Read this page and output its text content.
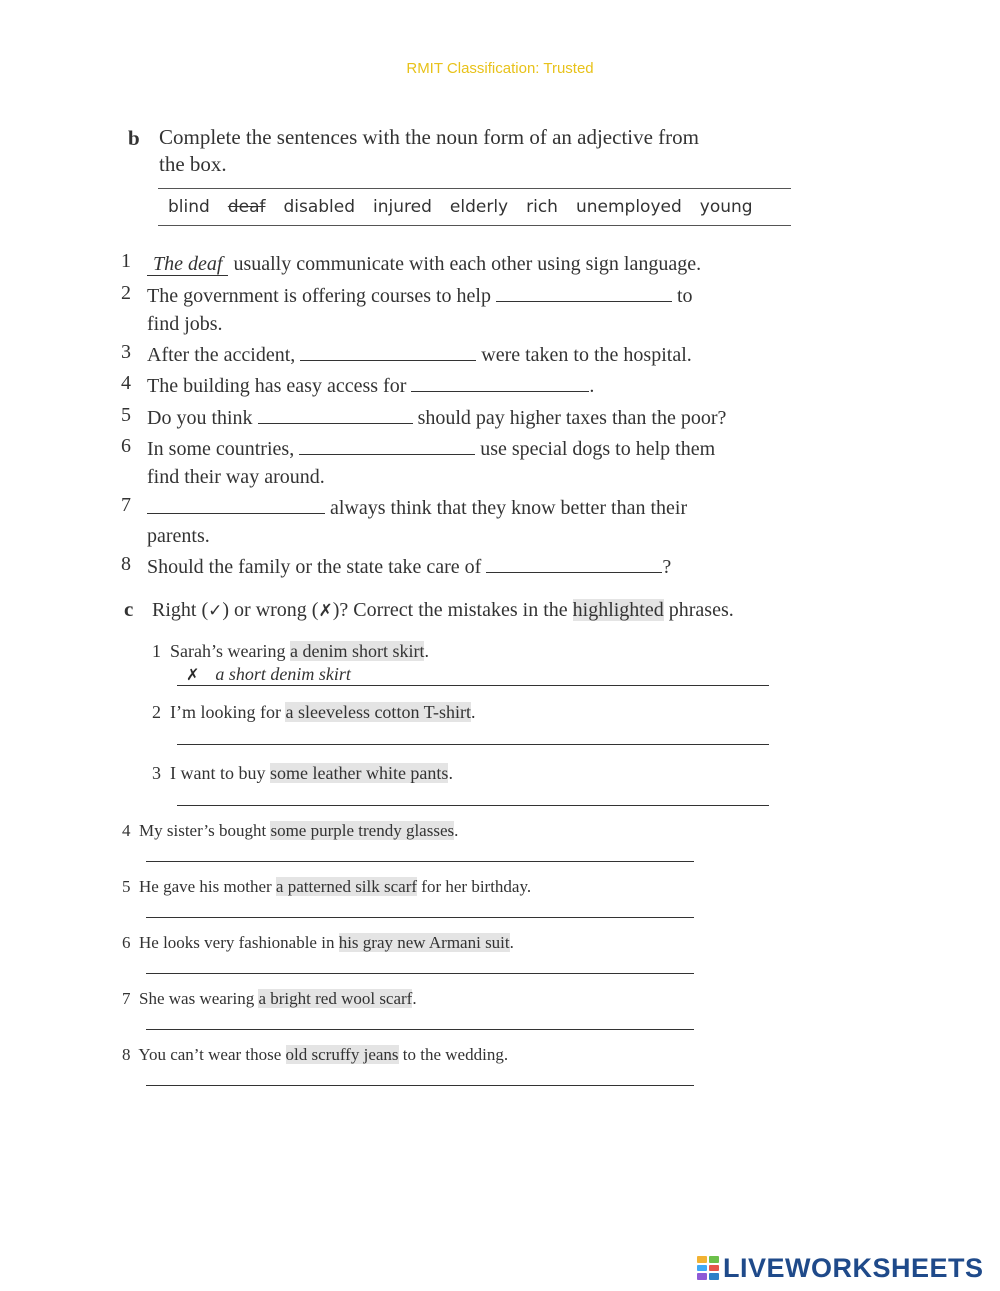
RMIT Classification: Trusted
b Complete the sentences with the noun form of an adjective from
the box.
blind deaf disabled injured elderly rich unemployed young
1	The deaf usually communicate with each other using sign language.
2 The government is offering courses to help	to
find jobs.
3 After the accident,	were taken to the hospital.
4 The building has easy access for	.
5 Do you think	should pay higher taxes than the poor?
6 In some countries,	use special dogs to help them
find their way around.
7	always think that they know better than their
parents.
8 Should the family or the state take care of	?
c Right (✓) or wrong (✗)? Correct the mistakes in the highlighted phrases.
1 Sarah’s wearing a denim short skirt.
✗ a short denim skirt
2 I’m looking for a sleeveless cotton T-shirt.
3 I want to buy some leather white pants.
4 My sister’s bought some purple trendy glasses.
5 He gave his mother a patterned silk scarf for her birthday.
6 He looks very fashionable in his gray new Armani suit.
7 She was wearing a bright red wool scarf.
8 You can’t wear those old scruffy jeans to the wedding.
LIVEWORKSHEETS
